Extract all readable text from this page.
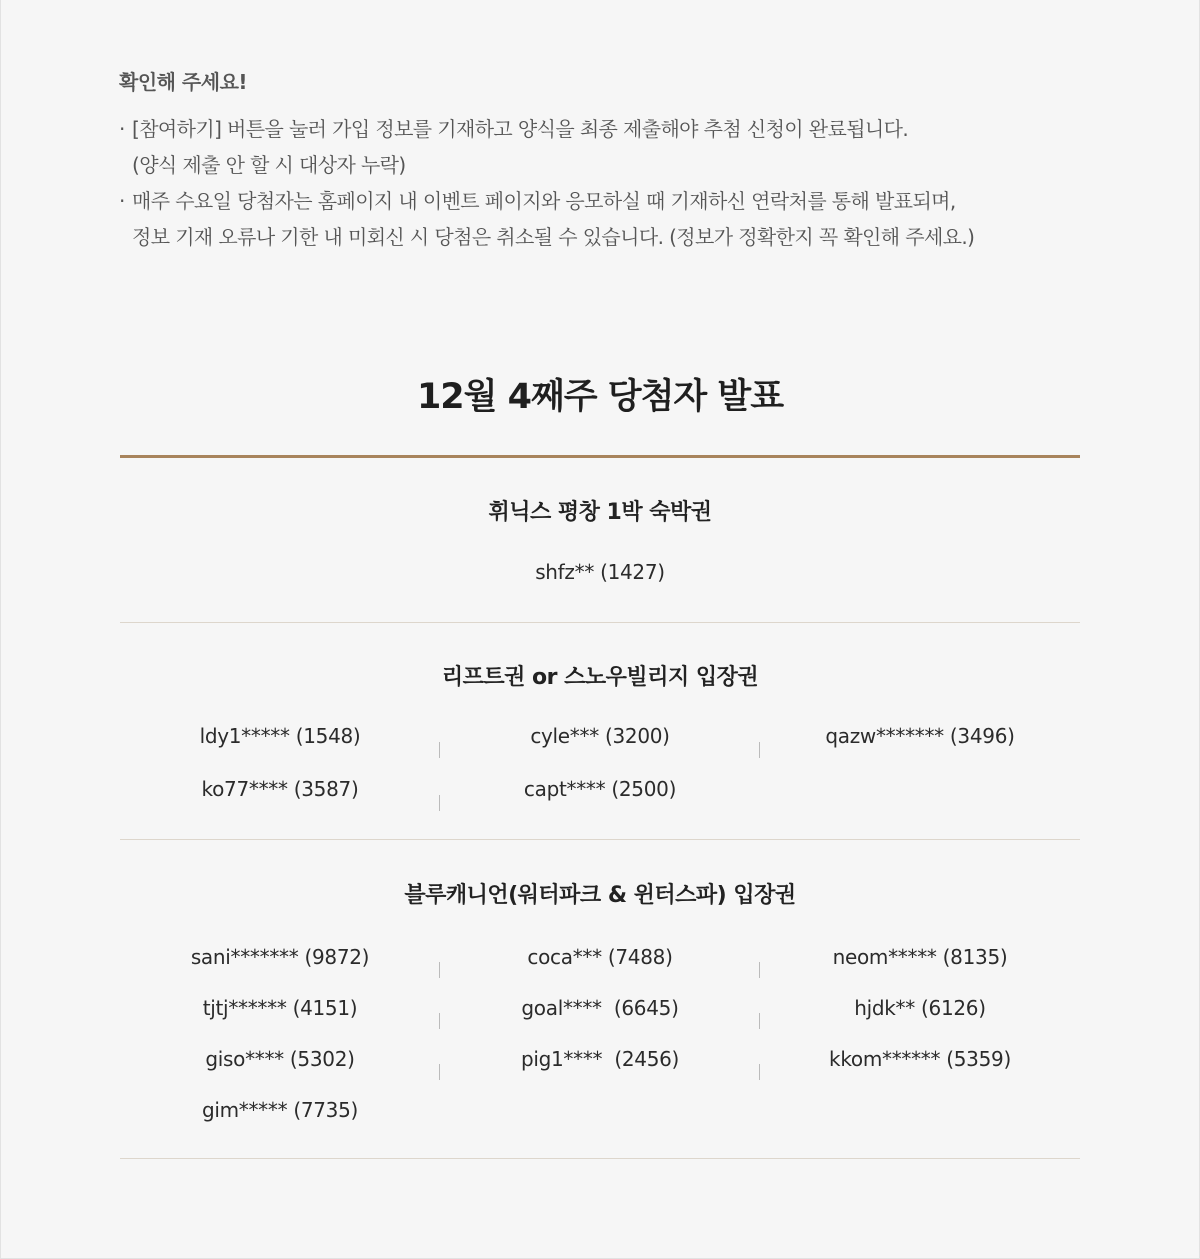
확인해 주세요!
· [참여하기] 버튼을 눌러 가입 정보를 기재하고 양식을 최종 제출해야 추첨 신청이 완료됩니다.
(양식 제출 안 할 시 대상자 누락)
· 매주 수요일 당첨자는 홈페이지 내 이벤트 페이지와 응모하실 때 기재하신 연락처를 통해 발표되며,
정보 기재 오류나 기한 내 미회신 시 당첨은 취소될 수 있습니다. (정보가 정확한지 꼭 확인해 주세요.)
12월 4째주 당첨자 발표
휘닉스 평창 1박 숙박권
shfz** (1427)
리프트권 or 스노우빌리지 입장권
ldy1***** (1548)	cyle*** (3200)	qazw******* (3496)
ko77**** (3587)	capt**** (2500)
블루캐니언(워터파크 & 윈터스파) 입장권
sani******* (9872)	coca*** (7488)	neom***** (8135)
tjtj****** (4151)	goal****  (6645)	hjdk** (6126)
giso**** (5302)	pig1****  (2456)	kkom****** (5359)
gim***** (7735)
